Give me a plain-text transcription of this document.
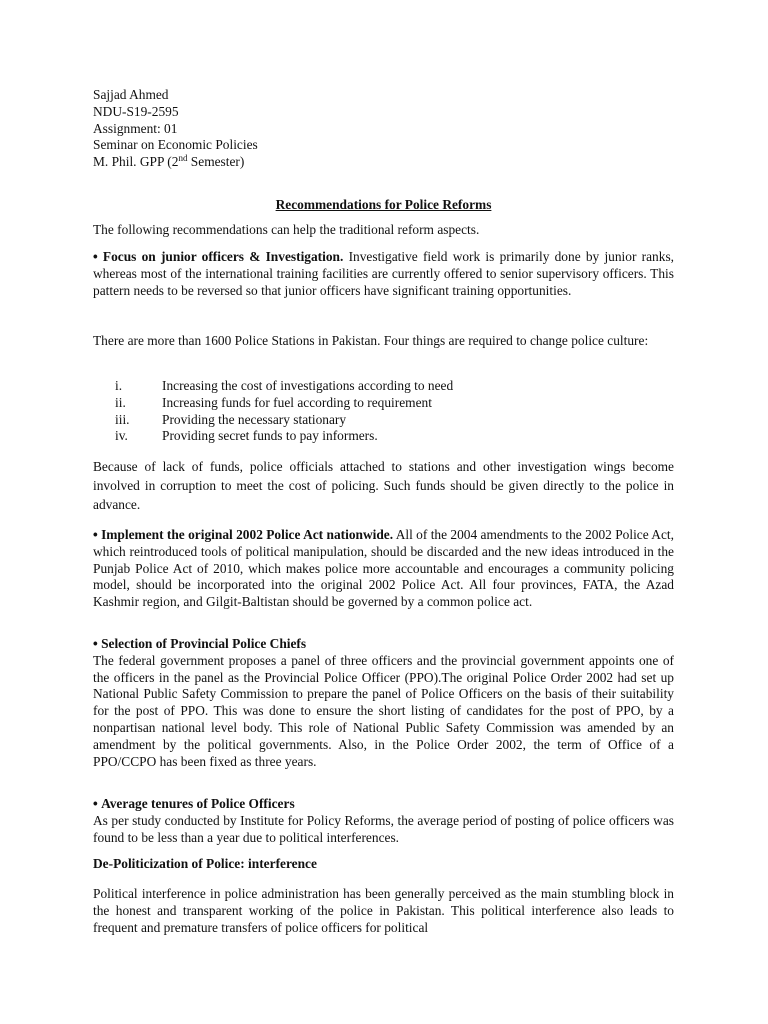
Sajjad Ahmed
NDU-S19-2595
Assignment: 01
Seminar on Economic Policies
M. Phil. GPP (2nd Semester)
Recommendations for Police Reforms

The following recommendations can help the traditional reform aspects.

• Focus on junior officers & Investigation. Investigative field work is primarily done by junior ranks, whereas most of the international training facilities are currently offered to senior supervisory officers. This pattern needs to be reversed so that junior officers have significant training opportunities.

There are more than 1600 Police Stations in Pakistan. Four things are required to change police culture:

i.	Increasing the cost of investigations according to need
ii.	Increasing funds for fuel according to requirement
iii.	Providing the necessary stationary
iv.	Providing secret funds to pay informers.

Because of lack of funds, police officials attached to stations and other investigation wings become involved in corruption to meet the cost of policing. Such funds should be given directly to the police in advance.

• Implement the original 2002 Police Act nationwide. All of the 2004 amendments to the 2002 Police Act, which reintroduced tools of political manipulation, should be discarded and the new ideas introduced in the Punjab Police Act of 2010, which makes police more accountable and encourages a community policing model, should be incorporated into the original 2002 Police Act. All four provinces, FATA, the Azad Kashmir region, and Gilgit-Baltistan should be governed by a common police act.

• Selection of Provincial Police Chiefs

The federal government proposes a panel of three officers and the provincial government appoints one of the officers in the panel as the Provincial Police Officer (PPO).The original Police Order 2002 had set up National Public Safety Commission to prepare the panel of Police Officers on the basis of their suitability for the post of PPO. This was done to ensure the short listing of candidates for the post of PPO, by a nonpartisan national level body. This role of National Public Safety Commission was amended by an amendment by the political governments. Also, in the Police Order 2002, the term of Office of a PPO/CCPO has been fixed as three years.

• Average tenures of Police Officers

As per study conducted by Institute for Policy Reforms, the average period of posting of police officers was found to be less than a year due to political interferences.

De-Politicization of Police: interference

Political interference in police administration has been generally perceived as the main stumbling block in the honest and transparent working of the police in Pakistan. This political interference also leads to frequent and premature transfers of police officers for political
